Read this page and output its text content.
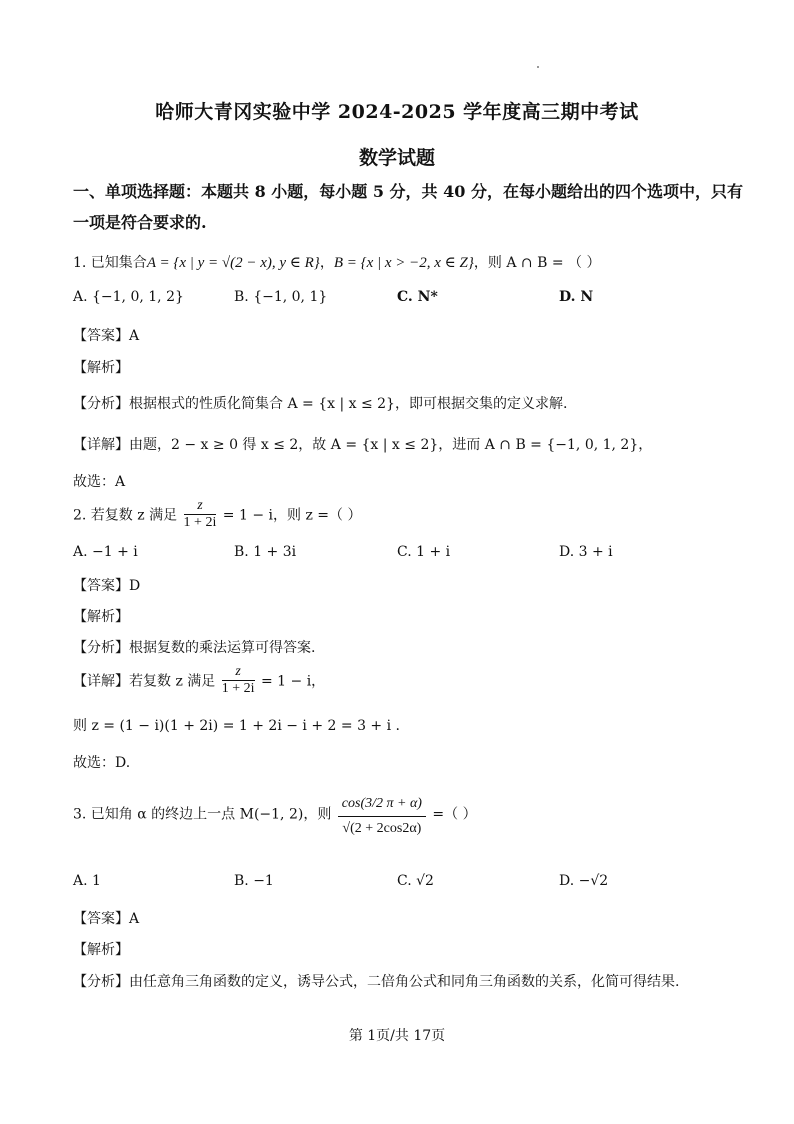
哈师大青冈实验中学 2024-2025 学年度高三期中考试
数学试题
一、单项选择题：本题共 8 小题，每小题 5 分，共 40 分，在每小题给出的四个选项中，只有
一项是符合要求的.
1. 已知集合A = {x | y = √(2 − x), y ∈ R}，B = {x | x > −2, x ∈ Z}，则 A ∩ B = （ ）
A. {−1, 0, 1, 2}	B. {−1, 0, 1}	C. N*	D. N
【答案】A
【解析】
【分析】根据根式的性质化简集合 A = {x | x ≤ 2}，即可根据交集的定义求解.
【详解】由题，2 − x ≥ 0 得 x ≤ 2，故 A = {x | x ≤ 2}，进而 A ∩ B = {−1, 0, 1, 2}，
故选：A
2. 若复数 z 满足 $\frac{z}{1 + 2i} = 1 - i$，则 z =（ ）
A. −1 + i	B. 1 + 3i	C. 1 + i	D. 3 + i
【答案】D
【解析】
【分析】根据复数的乘法运算可得答案.
【详解】若复数 z 满足 $\frac{z}{1 + 2i} = 1 - i$，
则 z = (1 − i)(1 + 2i) = 1 + 2i − i + 2 = 3 + i .
故选：D.
3. 已知角 α 的终边上一点 M(−1, 2)，则 $\frac{\cos(3/2 \pi + \alpha)}{√(2 + 2\cos 2\alpha)}$ =（ ）
A. 1	B. −1	C. √2	D. −√2
【答案】A
【解析】
【分析】由任意角三角函数的定义，诱导公式，二倍角公式和同角三角函数的关系，化简可得结果.
第 1页/共 17页
